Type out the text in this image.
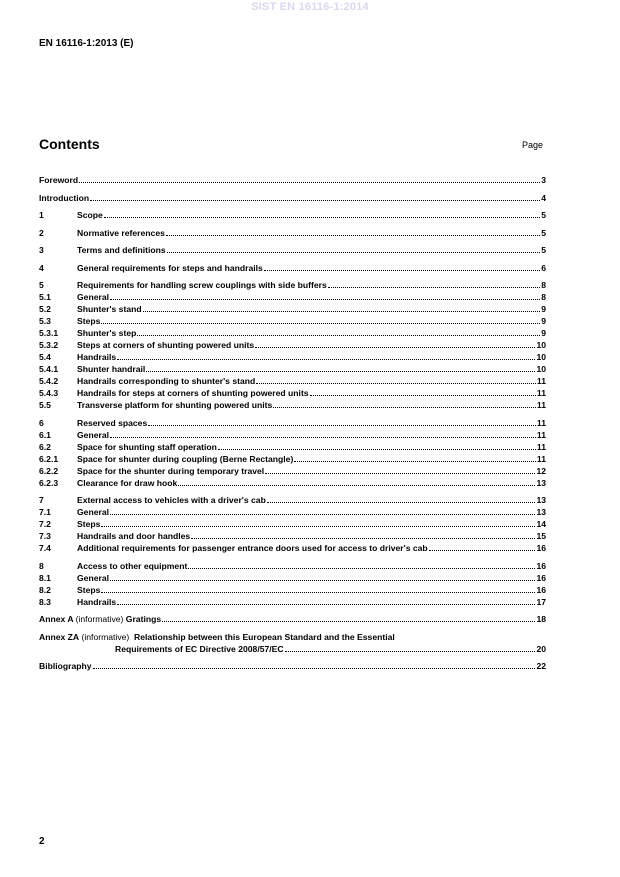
SIST EN 16116-1:2014
EN 16116-1:2013 (E)
Contents	Page
Foreword	3
Introduction	4
1	Scope	5
2	Normative references	5
3	Terms and definitions	5
4	General requirements for steps and handrails	6
5	Requirements for handling screw couplings with side buffers	8
5.1	General	8
5.2	Shunter's stand	9
5.3	Steps	9
5.3.1	Shunter's step	9
5.3.2	Steps at corners of shunting powered units	10
5.4	Handrails	10
5.4.1	Shunter handrail	10
5.4.2	Handrails corresponding to shunter's stand	11
5.4.3	Handrails for steps at corners of shunting powered units	11
5.5	Transverse platform for shunting powered units	11
6	Reserved spaces	11
6.1	General	11
6.2	Space for shunting staff operation	11
6.2.1	Space for shunter during coupling (Berne Rectangle)	11
6.2.2	Space for the shunter during temporary travel	12
6.2.3	Clearance for draw hook	13
7	External access to vehicles with a driver's cab	13
7.1	General	13
7.2	Steps	14
7.3	Handrails and door handles	15
7.4	Additional requirements for passenger entrance doors used for access to driver's cab	16
8	Access to other equipment	16
8.1	General	16
8.2	Steps	16
8.3	Handrails	17
Annex A (informative) Gratings	18
Annex ZA
(informative)
Relationship between this European Standard and the Essential
Requirements of EC Directive 2008/57/EC	20
Bibliography	22
2
